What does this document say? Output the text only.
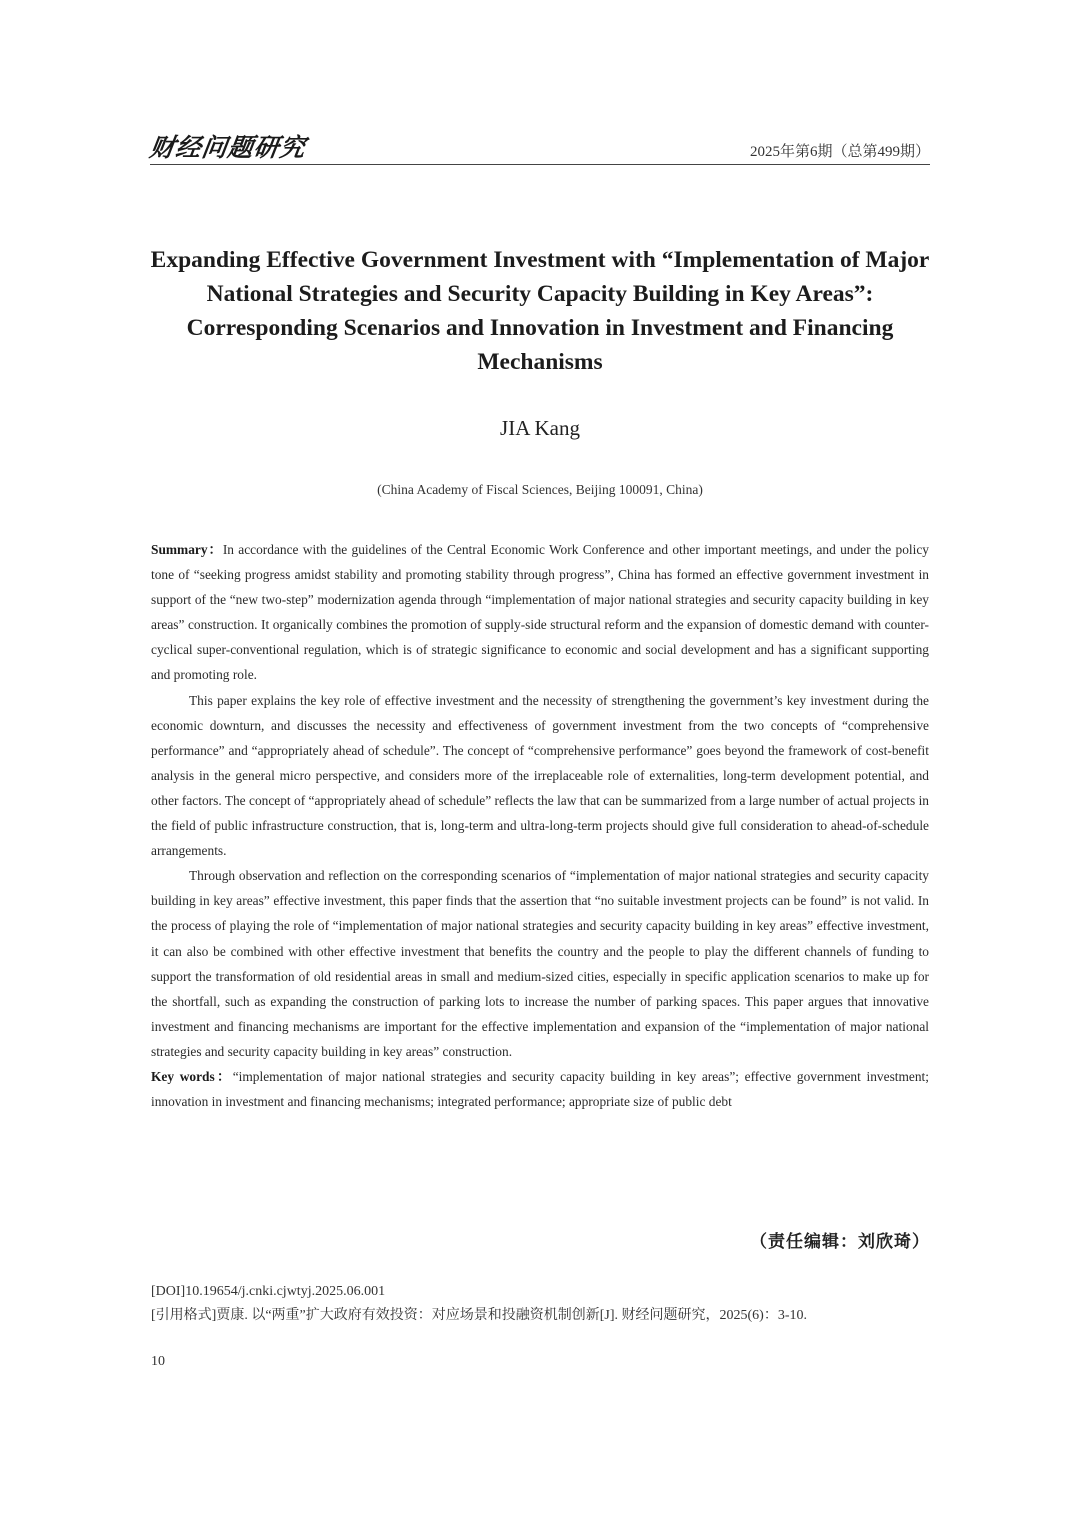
财经问题研究	2025年第6期（总第499期）
Expanding Effective Government Investment with “Implementation of Major National Strategies and Security Capacity Building in Key Areas”: Corresponding Scenarios and Innovation in Investment and Financing Mechanisms
JIA Kang
(China Academy of Fiscal Sciences, Beijing 100091, China)

Summary：In accordance with the guidelines of the Central Economic Work Conference and other important meetings, and under the policy tone of “seeking progress amidst stability and promoting stability through progress”, China has formed an effective government investment in support of the “new two-step” modernization agenda through “implementation of major national strategies and security capacity building in key areas” construction. It organically combines the promotion of supply-side structural reform and the expansion of domestic demand with counter-cyclical super-conventional regulation, which is of strategic significance to economic and social development and has a significant supporting and promoting role.

This paper explains the key role of effective investment and the necessity of strengthening the government’s key investment during the economic downturn, and discusses the necessity and effectiveness of government investment from the two concepts of “comprehensive performance” and “appropriately ahead of schedule”. The concept of “comprehensive performance” goes beyond the framework of cost-benefit analysis in the general micro perspective, and considers more of the irreplaceable role of externalities, long-term development potential, and other factors. The concept of “appropriately ahead of schedule” reflects the law that can be summarized from a large number of actual projects in the field of public infrastructure construction, that is, long-term and ultra-long-term projects should give full consideration to ahead-of-schedule arrangements.

Through observation and reflection on the corresponding scenarios of “implementation of major national strategies and security capacity building in key areas” effective investment, this paper finds that the assertion that “no suitable investment projects can be found” is not valid. In the process of playing the role of “implementation of major national strategies and security capacity building in key areas” effective investment, it can also be combined with other effective investment that benefits the country and the people to play the different channels of funding to support the transformation of old residential areas in small and medium-sized cities, especially in specific application scenarios to make up for the shortfall, such as expanding the construction of parking lots to increase the number of parking spaces. This paper argues that innovative investment and financing mechanisms are important for the effective implementation and expansion of the “implementation of major national strategies and security capacity building in key areas” construction.

Key words：“implementation of major national strategies and security capacity building in key areas”; effective government investment; innovation in investment and financing mechanisms; integrated performance; appropriate size of public debt

（责任编辑：刘欣琦）
[DOI]10.19654/j.cnki.cjwtyj.2025.06.001
[引用格式]贾康. 以“两重”扩大政府有效投资：对应场景和投融资机制创新[J]. 财经问题研究，2025(6)：3-10.
10
